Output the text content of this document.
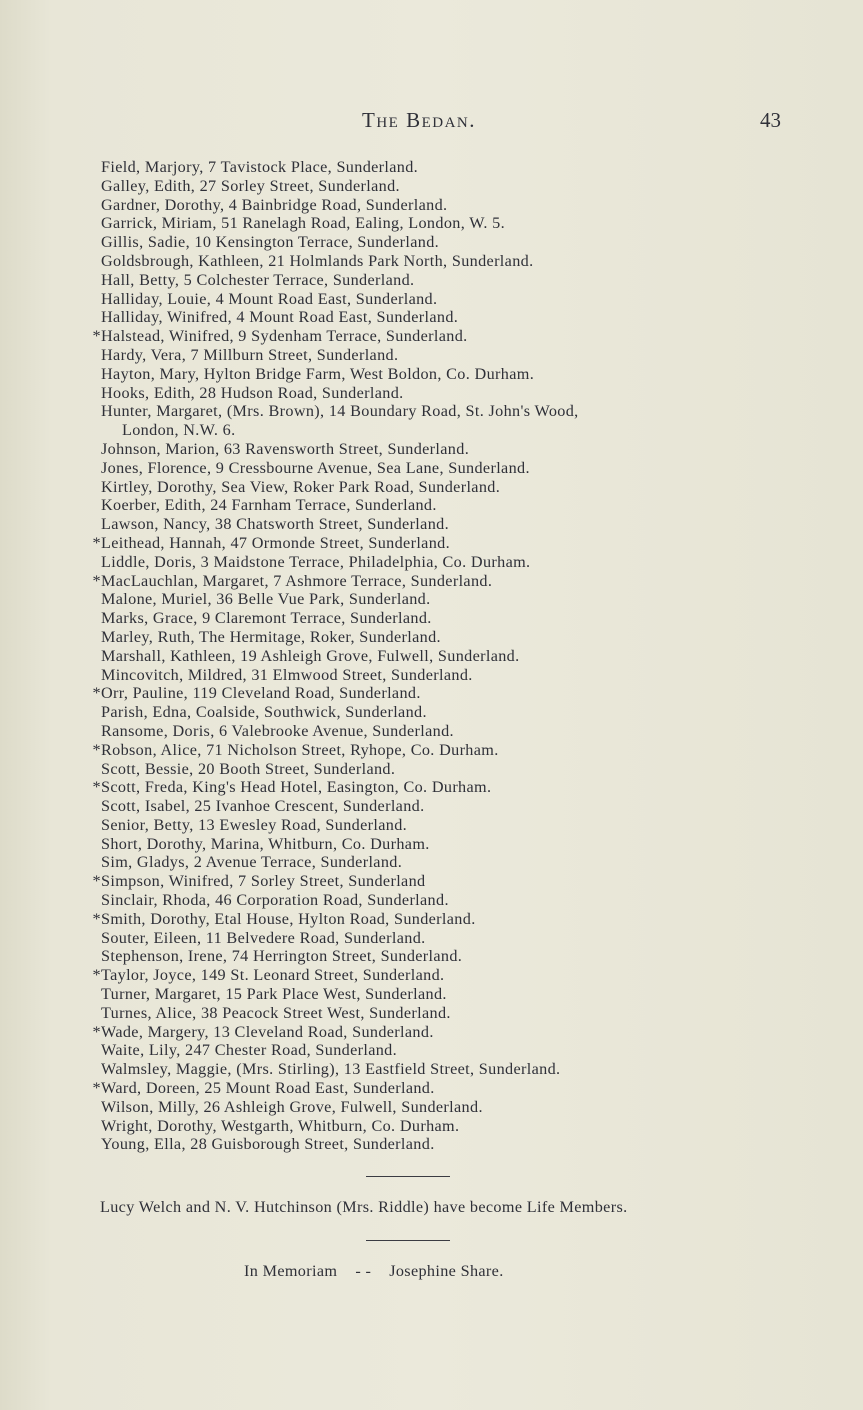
The Bedan.	43
Field, Marjory, 7 Tavistock Place, Sunderland.
Galley, Edith, 27 Sorley Street, Sunderland.
Gardner, Dorothy, 4 Bainbridge Road, Sunderland.
Garrick, Miriam, 51 Ranelagh Road, Ealing, London, W. 5.
Gillis, Sadie, 10 Kensington Terrace, Sunderland.
Goldsbrough, Kathleen, 21 Holmlands Park North, Sunderland.
Hall, Betty, 5 Colchester Terrace, Sunderland.
Halliday, Louie, 4 Mount Road East, Sunderland.
Halliday, Winifred, 4 Mount Road East, Sunderland.
* Halstead, Winifred, 9 Sydenham Terrace, Sunderland.
Hardy, Vera, 7 Millburn Street, Sunderland.
Hayton, Mary, Hylton Bridge Farm, West Boldon, Co. Durham.
Hooks, Edith, 28 Hudson Road, Sunderland.
Hunter, Margaret, (Mrs. Brown), 14 Boundary Road, St. John's Wood,
London, N.W. 6.
Johnson, Marion, 63 Ravensworth Street, Sunderland.
Jones, Florence, 9 Cressbourne Avenue, Sea Lane, Sunderland.
Kirtley, Dorothy, Sea View, Roker Park Road, Sunderland.
Koerber, Edith, 24 Farnham Terrace, Sunderland.
Lawson, Nancy, 38 Chatsworth Street, Sunderland.
* Leithead, Hannah, 47 Ormonde Street, Sunderland.
Liddle, Doris, 3 Maidstone Terrace, Philadelphia, Co. Durham.
* MacLauchlan, Margaret, 7 Ashmore Terrace, Sunderland.
Malone, Muriel, 36 Belle Vue Park, Sunderland.
Marks, Grace, 9 Claremont Terrace, Sunderland.
Marley, Ruth, The Hermitage, Roker, Sunderland.
Marshall, Kathleen, 19 Ashleigh Grove, Fulwell, Sunderland.
Mincovitch, Mildred, 31 Elmwood Street, Sunderland.
* Orr, Pauline, 119 Cleveland Road, Sunderland.
Parish, Edna, Coalside, Southwick, Sunderland.
Ransome, Doris, 6 Valebrooke Avenue, Sunderland.
* Robson, Alice, 71 Nicholson Street, Ryhope, Co. Durham.
Scott, Bessie, 20 Booth Street, Sunderland.
* Scott, Freda, King's Head Hotel, Easington, Co. Durham.
Scott, Isabel, 25 Ivanhoe Crescent, Sunderland.
Senior, Betty, 13 Ewesley Road, Sunderland.
Short, Dorothy, Marina, Whitburn, Co. Durham.
Sim, Gladys, 2 Avenue Terrace, Sunderland.
* Simpson, Winifred, 7 Sorley Street, Sunderland
Sinclair, Rhoda, 46 Corporation Road, Sunderland.
* Smith, Dorothy, Etal House, Hylton Road, Sunderland.
Souter, Eileen, 11 Belvedere Road, Sunderland.
Stephenson, Irene, 74 Herrington Street, Sunderland.
* Taylor, Joyce, 149 St. Leonard Street, Sunderland.
Turner, Margaret, 15 Park Place West, Sunderland.
Turnes, Alice, 38 Peacock Street West, Sunderland.
* Wade, Margery, 13 Cleveland Road, Sunderland.
Waite, Lily, 247 Chester Road, Sunderland.
Walmsley, Maggie, (Mrs. Stirling), 13 Eastfield Street, Sunderland.
* Ward, Doreen, 25 Mount Road East, Sunderland.
Wilson, Milly, 26 Ashleigh Grove, Fulwell, Sunderland.
Wright, Dorothy, Westgarth, Whitburn, Co. Durham.
Young, Ella, 28 Guisborough Street, Sunderland.
Lucy Welch and N. V. Hutchinson (Mrs. Riddle) have become Life Members.
In Memoriam - - Josephine Share.
